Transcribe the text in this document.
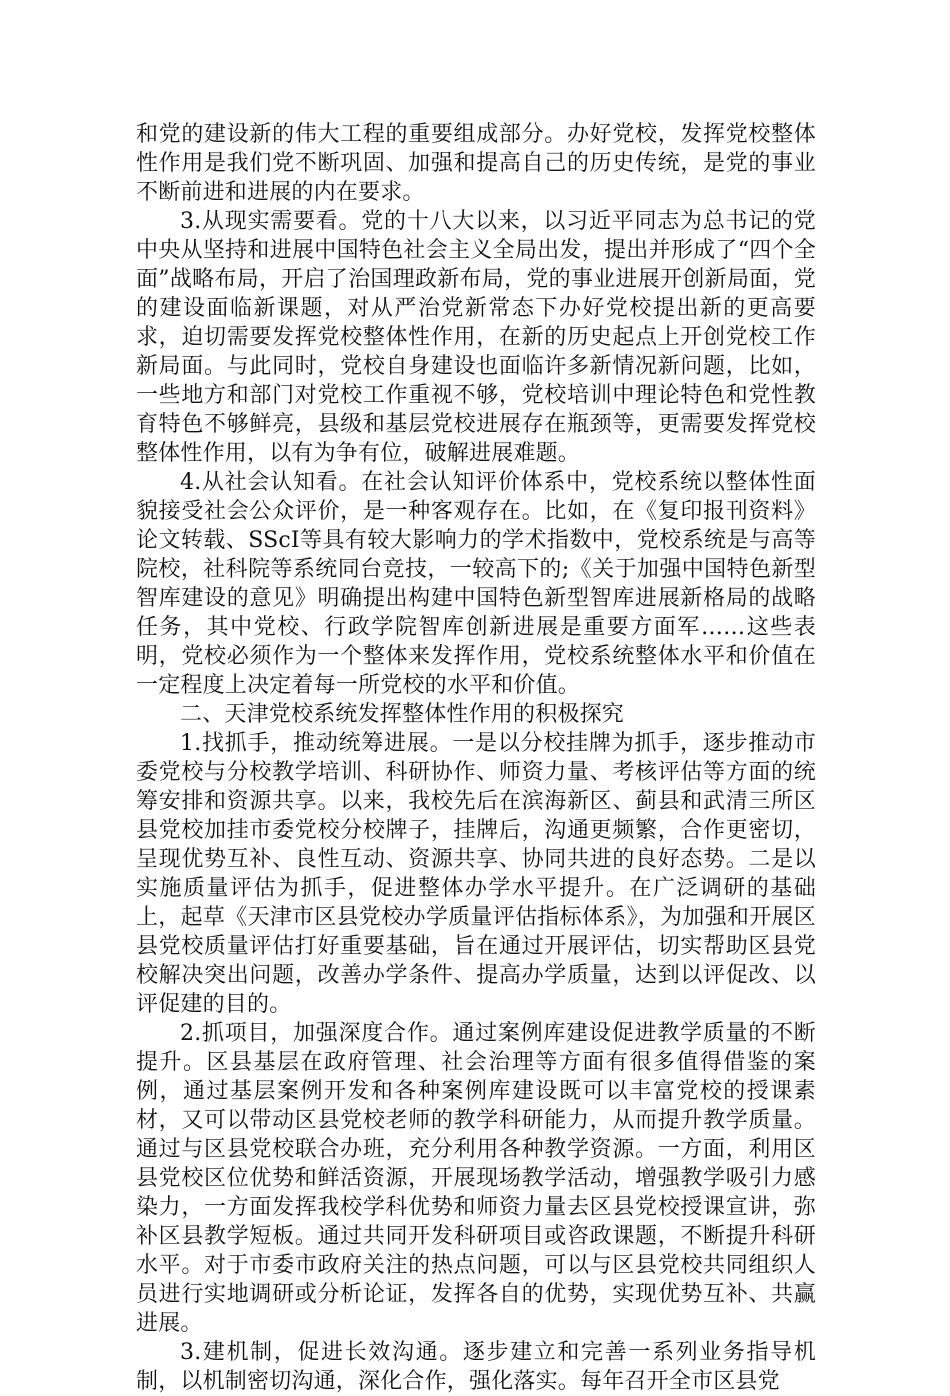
和党的建设新的伟大工程的重要组成部分。办好党校，发挥党校整体性作用是我们党不断巩固、加强和提高自己的历史传统，是党的事业不断前进和进展的内在要求。

3.从现实需要看。党的十八大以来，以习近平同志为总书记的党中央从坚持和进展中国特色社会主义全局出发，提出并形成了“四个全面”战略布局，开启了治国理政新布局，党的事业进展开创新局面，党的建设面临新课题，对从严治党新常态下办好党校提出新的更高要求，迫切需要发挥党校整体性作用，在新的历史起点上开创党校工作新局面。与此同时，党校自身建设也面临许多新情况新问题，比如，一些地方和部门对党校工作重视不够，党校培训中理论特色和党性教育特色不够鲜亮，县级和基层党校进展存在瓶颈等，更需要发挥党校整体性作用，以有为争有位，破解进展难题。

4.从社会认知看。在社会认知评价体系中，党校系统以整体性面貌接受社会公众评价，是一种客观存在。比如，在《复印报刊资料》论文转载、SScI等具有较大影响力的学术指数中，党校系统是与高等院校，社科院等系统同台竞技，一较高下的;《关于加强中国特色新型智库建设的意见》明确提出构建中国特色新型智库进展新格局的战略任务，其中党校、行政学院智库创新进展是重要方面军……这些表明，党校必须作为一个整体来发挥作用，党校系统整体水平和价值在一定程度上决定着每一所党校的水平和价值。

二、天津党校系统发挥整体性作用的积极探究

1.找抓手，推动统筹进展。一是以分校挂牌为抓手，逐步推动市委党校与分校教学培训、科研协作、师资力量、考核评估等方面的统筹安排和资源共享。以来，我校先后在滨海新区、蓟县和武清三所区县党校加挂市委党校分校牌子，挂牌后，沟通更频繁，合作更密切，呈现优势互补、良性互动、资源共享、协同共进的良好态势。二是以实施质量评估为抓手，促进整体办学水平提升。在广泛调研的基础上，起草《天津市区县党校办学质量评估指标体系》，为加强和开展区县党校质量评估打好重要基础，旨在通过开展评估，切实帮助区县党校解决突出问题，改善办学条件、提高办学质量，达到以评促改、以评促建的目的。

2.抓项目，加强深度合作。通过案例库建设促进教学质量的不断提升。区县基层在政府管理、社会治理等方面有很多值得借鉴的案例，通过基层案例开发和各种案例库建设既可以丰富党校的授课素材，又可以带动区县党校老师的教学科研能力，从而提升教学质量。通过与区县党校联合办班，充分利用各种教学资源。一方面，利用区县党校区位优势和鲜活资源，开展现场教学活动，增强教学吸引力感染力，一方面发挥我校学科优势和师资力量去区县党校授课宣讲，弥补区县教学短板。通过共同开发科研项目或咨政课题，不断提升科研水平。对于市委市政府关注的热点问题，可以与区县党校共同组织人员进行实地调研或分析论证，发挥各自的优势，实现优势互补、共赢进展。

3.建机制，促进长效沟通。逐步建立和完善一系列业务指导机制，以机制密切沟通，深化合作，强化落实。每年召开全市区县党
